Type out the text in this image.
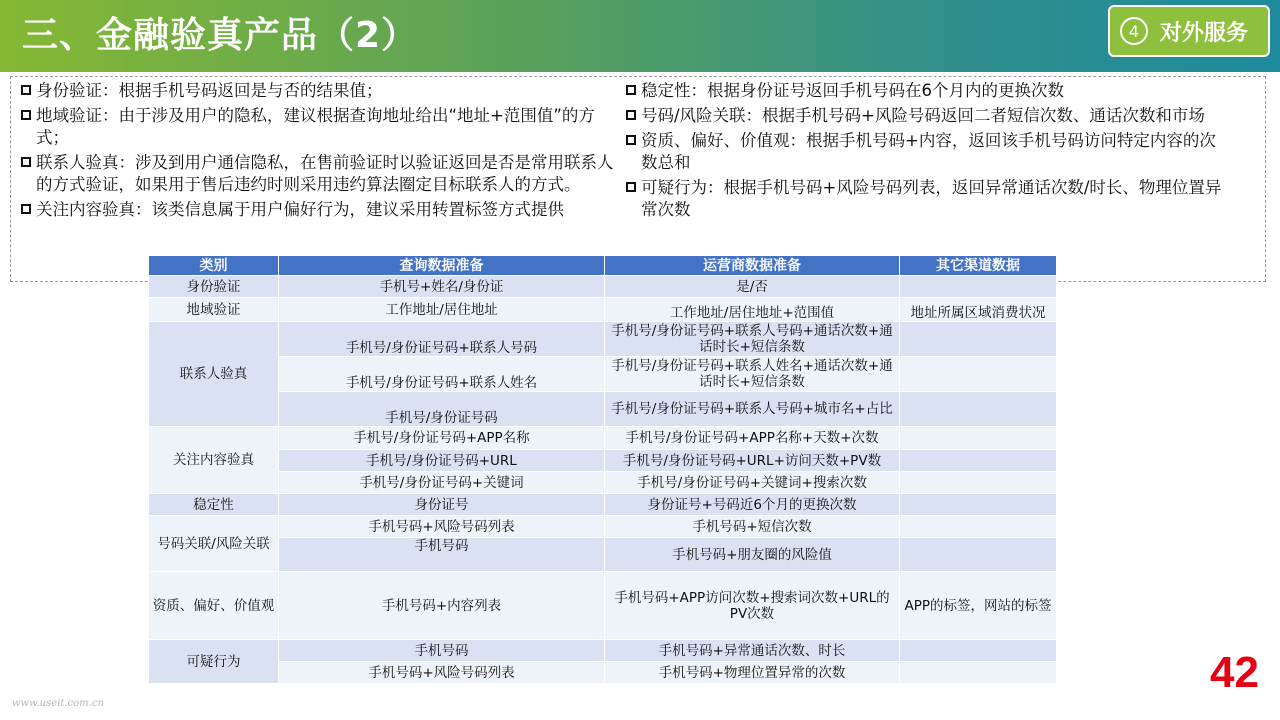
三、金融验真产品（2）	4 对外服务
身份验证：根据手机号码返回是与否的结果值；
地域验证：由于涉及用户的隐私，建议根据查询地址给出“地址+范围值”的方式；
联系人验真：涉及到用户通信隐私，在售前验证时以验证返回是否是常用联系人的方式验证，如果用于售后违约时则采用违约算法圈定目标联系人的方式。
关注内容验真：该类信息属于用户偏好行为，建议采用转置标签方式提供
稳定性：根据身份证号返回手机号码在6个月内的更换次数
号码/风险关联：根据手机号码+风险号码返回二者短信次数、通话次数和市场
资质、偏好、价值观：根据手机号码+内容，返回该手机号码访问特定内容的次数总和
可疑行为：根据手机号码+风险号码列表，返回异常通话次数/时长、物理位置异常次数
类别	查询数据准备	运营商数据准备	其它渠道数据
身份验证	手机号+姓名/身份证	是/否	
地域验证	工作地址/居住地址	工作地址/居住地址+范围值	地址所属区域消费状况
联系人验真	手机号/身份证号码+联系人号码	手机号/身份证号码+联系人号码+通话次数+通话时长+短信条数	
	手机号/身份证号码+联系人姓名	手机号/身份证号码+联系人姓名+通话次数+通话时长+短信条数	
	手机号/身份证号码	手机号/身份证号码+联系人号码+城市名+占比	
关注内容验真	手机号/身份证号码+APP名称	手机号/身份证号码+APP名称+天数+次数	
	手机号/身份证号码+URL	手机号/身份证号码+URL+访问天数+PV数	
	手机号/身份证号码+关键词	手机号/身份证号码+关键词+搜索次数	
稳定性	身份证号	身份证号+号码近6个月的更换次数	
号码关联/风险关联	手机号码+风险号码列表	手机号码+短信次数	
	手机号码	手机号码+朋友圈的风险值	
资质、偏好、价值观	手机号码+内容列表	手机号码+APP访问次数+搜索词次数+URL的PV次数	APP的标签，网站的标签
可疑行为	手机号码	手机号码+异常通话次数、时长	
	手机号码+风险号码列表	手机号码+物理位置异常的次数		42
www.useit.com.cn
